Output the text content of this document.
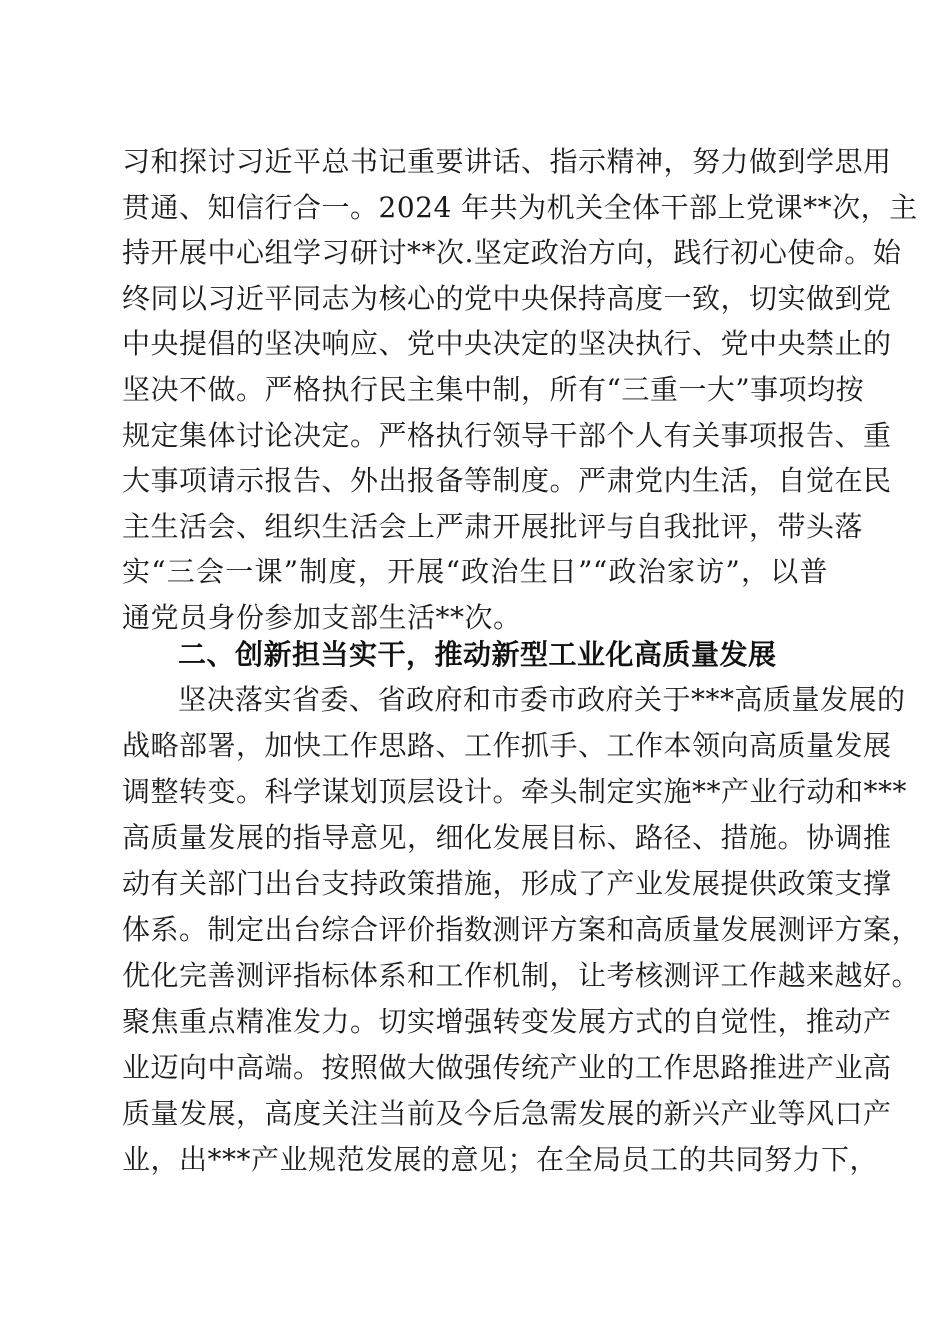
习和探讨习近平总书记重要讲话、指示精神，努力做到学思用
贯通、知信行合一。2024 年共为机关全体干部上党课**次，主
持开展中心组学习研讨**次.坚定政治方向，践行初心使命。始
终同以习近平同志为核心的党中央保持高度一致，切实做到党
中央提倡的坚决响应、党中央决定的坚决执行、党中央禁止的
坚决不做。严格执行民主集中制，所有“三重一大”事项均按
规定集体讨论决定。严格执行领导干部个人有关事项报告、重
大事项请示报告、外出报备等制度。严肃党内生活，自觉在民
主生活会、组织生活会上严肃开展批评与自我批评，带头落
实“三会一课”制度，开展“政治生日”“政治家访”，以普
通党员身份参加支部生活**次。
二、创新担当实干，推动新型工业化高质量发展
坚决落实省委、省政府和市委市政府关于***高质量发展的
战略部署，加快工作思路、工作抓手、工作本领向高质量发展
调整转变。科学谋划顶层设计。牵头制定实施**产业行动和***
高质量发展的指导意见，细化发展目标、路径、措施。协调推
动有关部门出台支持政策措施，形成了产业发展提供政策支撑
体系。制定出台综合评价指数测评方案和高质量发展测评方案，
优化完善测评指标体系和工作机制，让考核测评工作越来越好。
聚焦重点精准发力。切实增强转变发展方式的自觉性，推动产
业迈向中高端。按照做大做强传统产业的工作思路推进产业高
质量发展，高度关注当前及今后急需发展的新兴产业等风口产
业，出***产业规范发展的意见；在全局员工的共同努力下，
